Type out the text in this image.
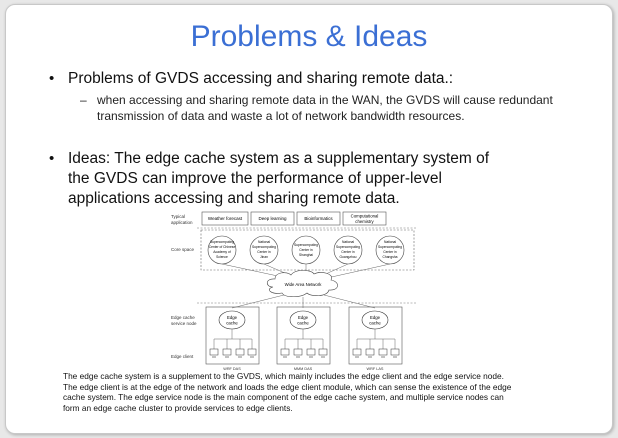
Problems & Ideas
• Problems of GVDS accessing and sharing remote data.:
– when accessing and sharing remote data in the WAN, the GVDS will cause redundant transmission of data and waste a lot of network bandwidth resources.
• Ideas: The edge cache system as a supplementary system of
the GVDS can improve the performance of upper-level
applications accessing and sharing remote data.
Typical
application
Core space
Edge cache
service node
Edge client
Weather forecast	Deep learning	Bioinformatics	Computational
chemistry
Supercomputing
Center of Chinese
Academy of
Science
National
Supercomputing
Center in
Jinan
Supercomputing
Center in
Shanghai
National
Supercomputing
Center in
Guangzhou
National
Supercomputing
Center in
Changsha
Wide Area Network
Edge
cache
Edge
cache
Edge
cache
WRF DAS	MMM DAS	WRF LAS
The edge cache system is a supplement to the GVDS, which mainly includes the edge client and the edge service node.
The edge client is at the edge of the network and loads the edge client module, which can sense the existence of the edge
cache system. The edge service node is the main component of the edge cache system, and multiple service nodes can
form an edge cache cluster to provide services to edge clients.
